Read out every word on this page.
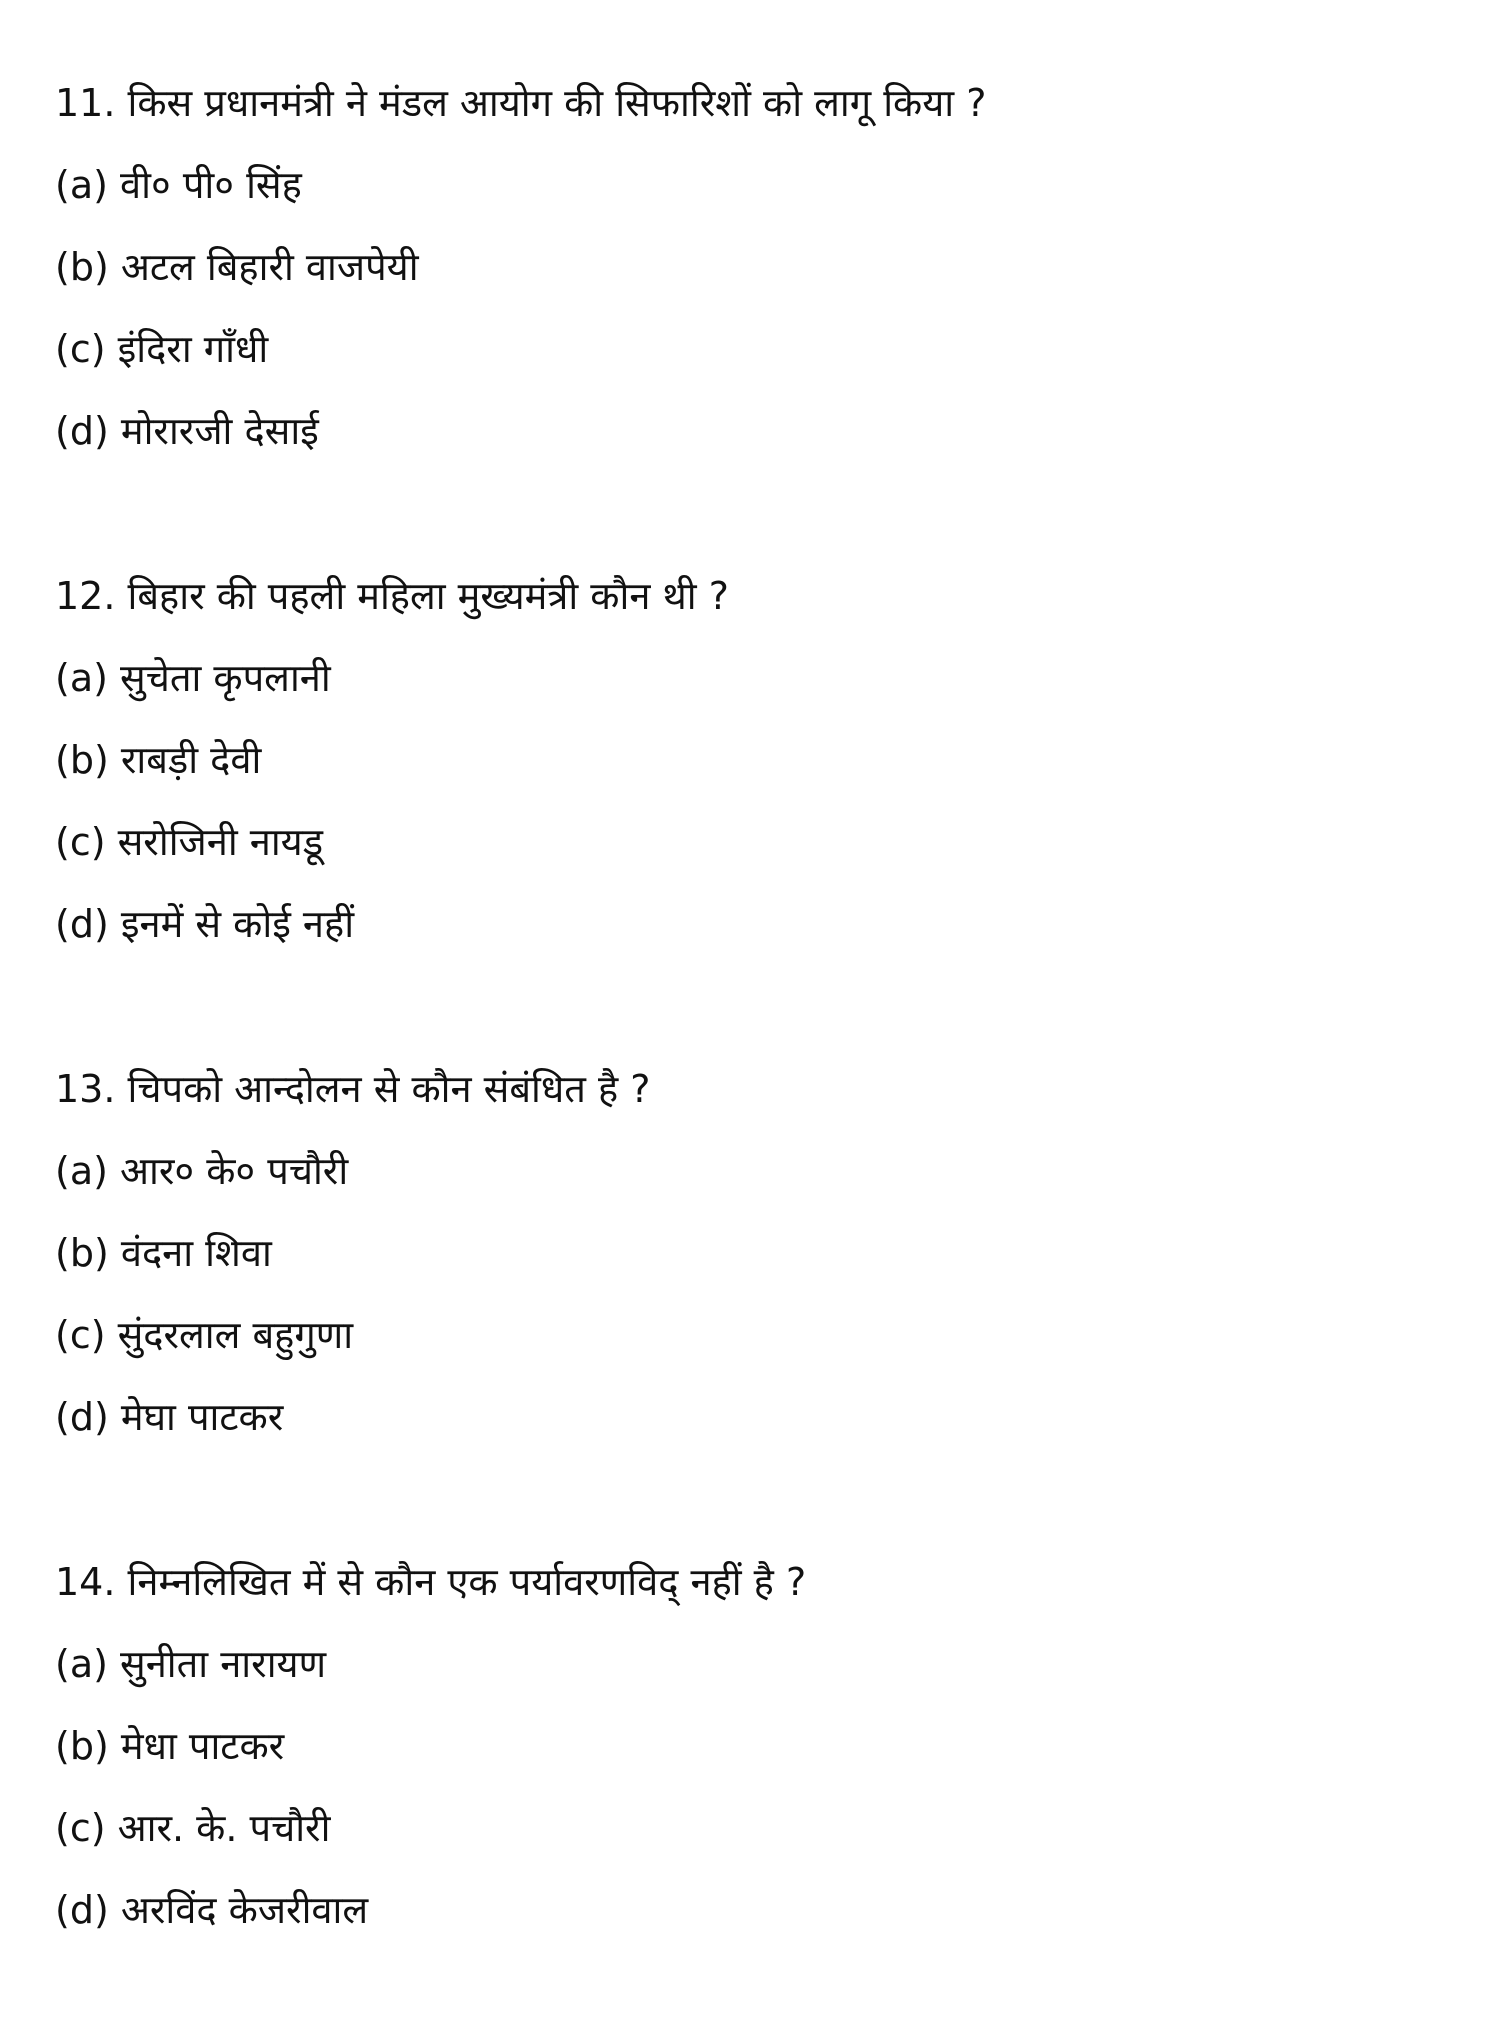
11. किस प्रधानमंत्री ने मंडल आयोग की सिफारिशों को लागू किया ?
(a) वी० पी० सिंह
(b) अटल बिहारी वाजपेयी
(c) इंदिरा गाँधी
(d) मोरारजी देसाई
12. बिहार की पहली महिला मुख्यमंत्री कौन थी ?
(a) सुचेता कृपलानी
(b) राबड़ी देवी
(c) सरोजिनी नायडू
(d) इनमें से कोई नहीं
13. चिपको आन्दोलन से कौन संबंधित है ?
(a) आर० के० पचौरी
(b) वंदना शिवा
(c) सुंदरलाल बहुगुणा
(d) मेघा पाटकर
14. निम्नलिखित में से कौन एक पर्यावरणविद् नहीं है ?
(a) सुनीता नारायण
(b) मेधा पाटकर
(c) आर. के. पचौरी
(d) अरविंद केजरीवाल
